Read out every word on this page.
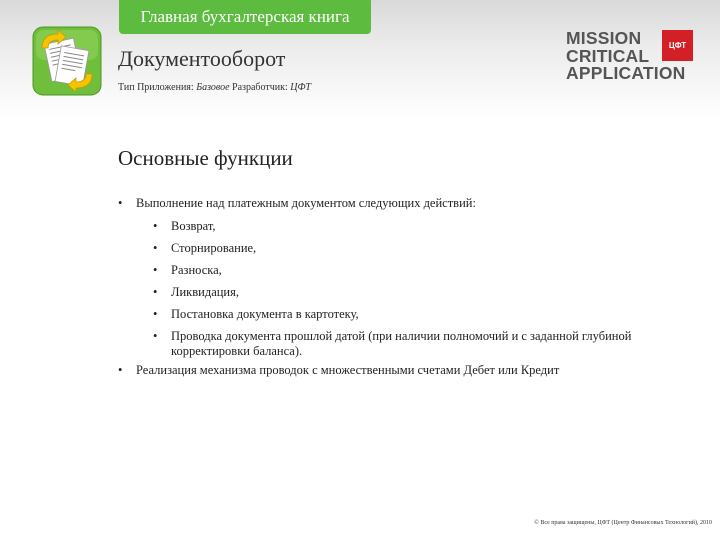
Главная бухгалтерская книга
Документооборот
Тип Приложения: Базовое Разработчик: ЦФТ
MISSION
CRITICAL
APPLICATION
ЦФТ
Основные функции
• Выполнение над платежным документом следующих действий:
• Возврат,
• Сторнирование,
• Разноска,
• Ликвидация,
• Постановка документа в картотеку,
• Проводка документа прошлой датой (при наличии полномочий и с заданной глубиной корректировки баланса).
• Реализация механизма проводок с множественными счетами Дебет или Кредит
© Все права защищены, ЦФТ (Центр Финансовых Технологий), 2010
